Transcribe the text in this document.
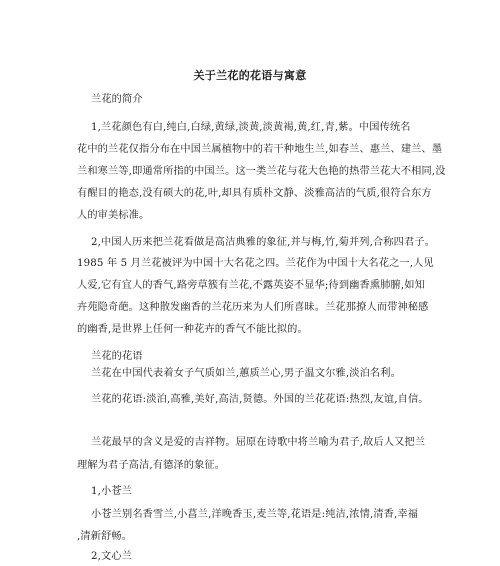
关于兰花的花语与寓意
兰花的简介
1,兰花颜色有白,纯白,白绿,黄绿,淡黄,淡黄褐,黄,红,青,紫。中国传统名
花中的兰花仅指分布在中国兰属植物中的若干种地生兰,如春兰、惠兰、建兰、墨
兰和寒兰等,即通常所指的中国兰。这一类兰花与花大色艳的热带兰花大不相同,没
有醒目的艳态,没有硕大的花,叶,却具有质朴文静、淡雅高洁的气质,很符合东方
人的审美标准。
2,中国人历来把兰花看做是高洁典雅的象征,并与梅,竹,菊并列,合称四君子。
1985 年 5 月兰花被评为中国十大名花之四。兰花作为中国十大名花之一,人见
人爱,它有宜人的香气,路旁草簇有兰花,不露英姿不显华;待到幽香熏肺腑,如知
卉苑隐奇葩。这种散发幽香的兰花历来为人们所喜昧。兰花那撩人而带神秘感
的幽香,是世界上任何一种花卉的香气不能比拟的。
兰花的花语
兰花在中国代表着女子气质如兰,蕙质兰心,男子温文尔雅,淡泊名利。
兰花的花语:淡泊,高雅,美好,高洁,贤德。外国的兰花花语:热烈,友谊,自信。
兰花最早的含义是爱的吉祥物。屈原在诗歌中将兰喻为君子,故后人又把兰
理解为君子高洁,有德泽的象征。
1,小苍兰
小苍兰别名香雪兰,小菖兰,洋晚香玉,麦兰等,花语是:纯洁,浓情,清香,幸福
,清新舒畅。
2,文心兰
